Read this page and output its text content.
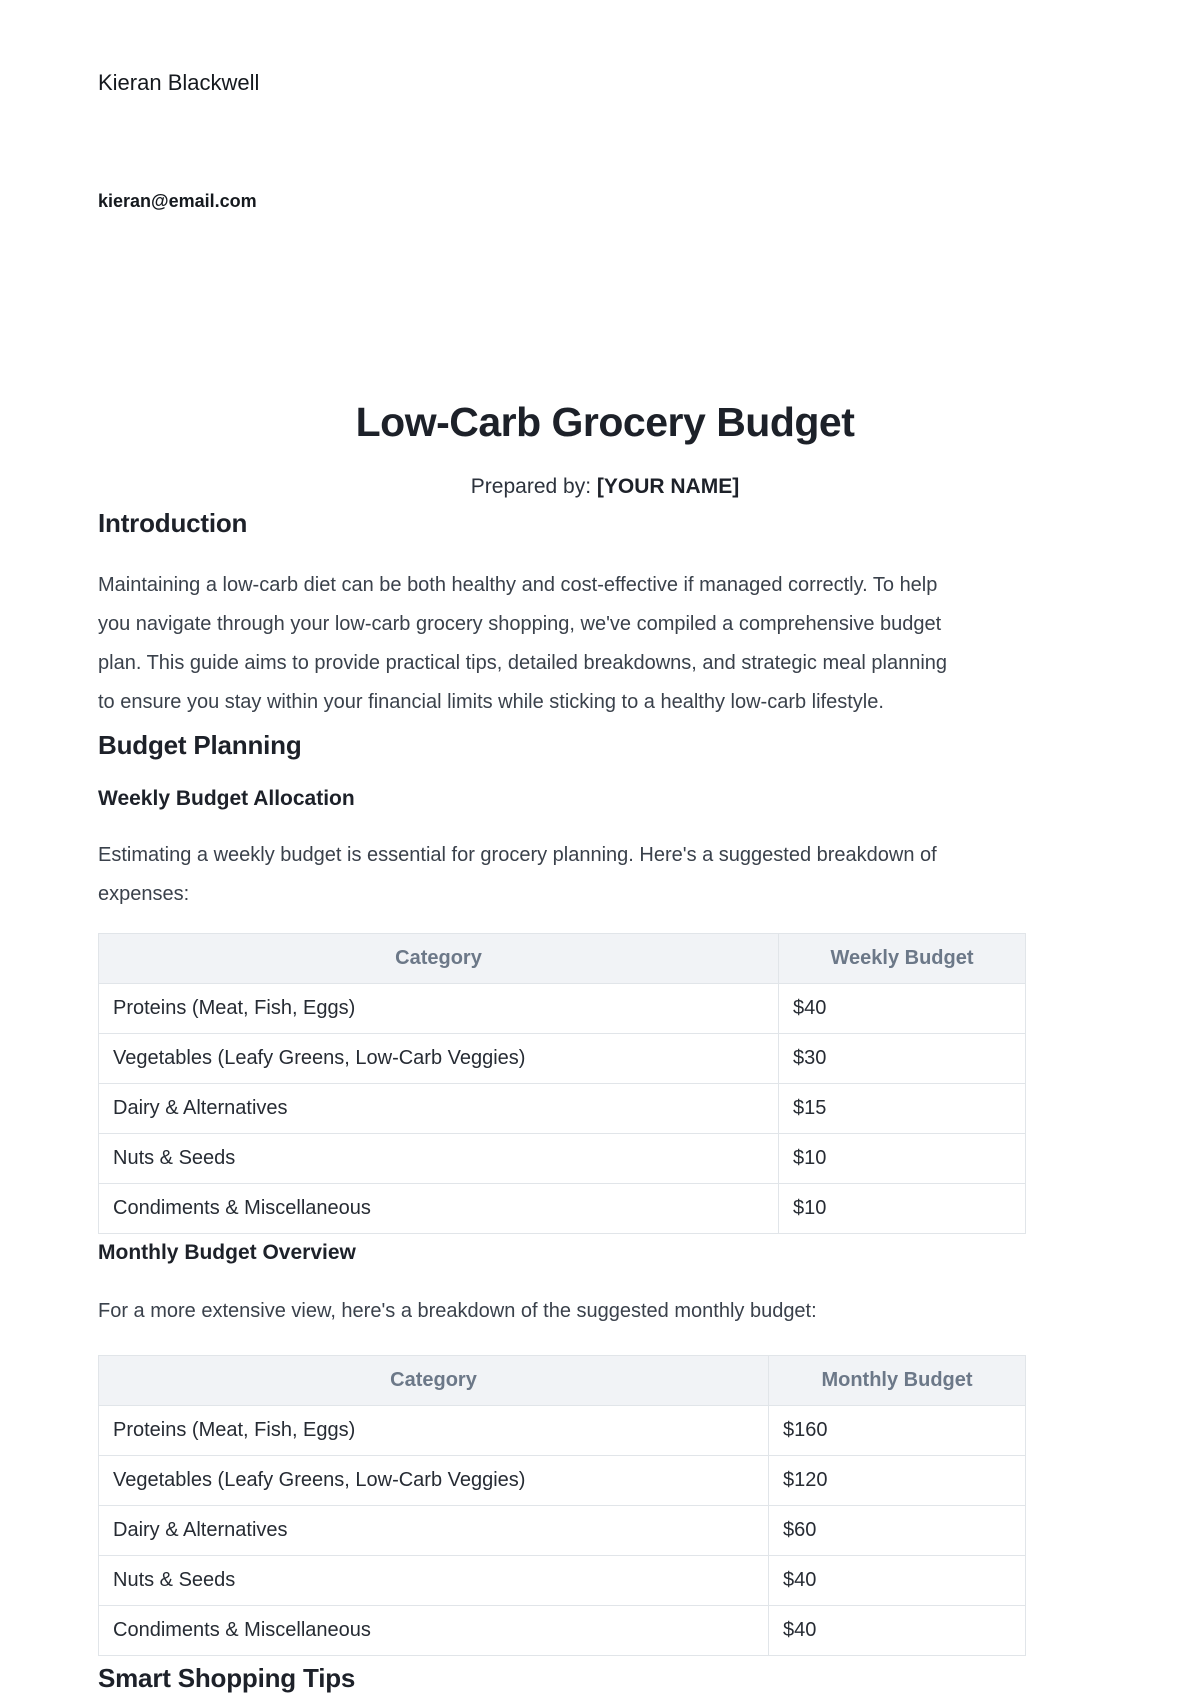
Kieran Blackwell
kieran@email.com
Low-Carb Grocery Budget
Prepared by: [YOUR NAME]
Introduction
Maintaining a low-carb diet can be both healthy and cost-effective if managed correctly. To help
you navigate through your low-carb grocery shopping, we've compiled a comprehensive budget
plan. This guide aims to provide practical tips, detailed breakdowns, and strategic meal planning
to ensure you stay within your financial limits while sticking to a healthy low-carb lifestyle.
Budget Planning
Weekly Budget Allocation
Estimating a weekly budget is essential for grocery planning. Here's a suggested breakdown of
expenses:
Category	Weekly Budget
Proteins (Meat, Fish, Eggs)	$40
Vegetables (Leafy Greens, Low-Carb Veggies)	$30
Dairy & Alternatives	$15
Nuts & Seeds	$10
Condiments & Miscellaneous	$10
Monthly Budget Overview
For a more extensive view, here's a breakdown of the suggested monthly budget:
Category	Monthly Budget
Proteins (Meat, Fish, Eggs)	$160
Vegetables (Leafy Greens, Low-Carb Veggies)	$120
Dairy & Alternatives	$60
Nuts & Seeds	$40
Condiments & Miscellaneous	$40
Smart Shopping Tips
